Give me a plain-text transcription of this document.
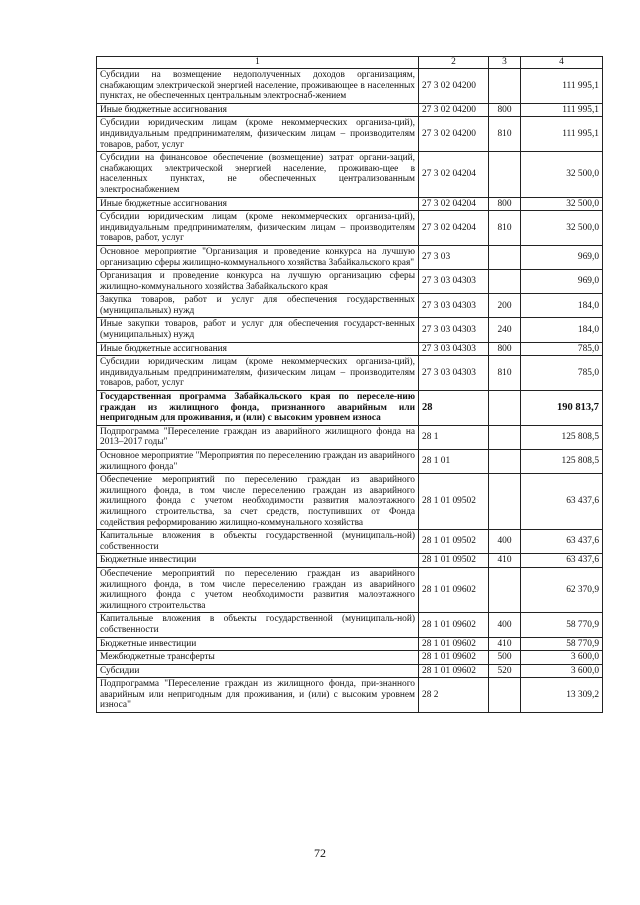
1	2	3	4
Субсидии на возмещение недополученных доходов организациям, снабжающим электрической энергией население, проживающее в населенных пунктах, не обеспеченных центральным электроснаб-жением	27 3 02 04200		111 995,1
Иные бюджетные ассигнования	27 3 02 04200	800	111 995,1
Субсидии юридическим лицам (кроме некоммерческих организа-ций), индивидуальным предпринимателям, физическим лицам – производителям товаров, работ, услуг	27 3 02 04200	810	111 995,1
Субсидии на финансовое обеспечение (возмещение) затрат органи-заций, снабжающих электрической энергией население, проживаю-щее в населенных пунктах, не обеспеченных централизованным электроснабжением	27 3 02 04204		32 500,0
Иные бюджетные ассигнования	27 3 02 04204	800	32 500,0
Субсидии юридическим лицам (кроме некоммерческих организа-ций), индивидуальным предпринимателям, физическим лицам – производителям товаров, работ, услуг	27 3 02 04204	810	32 500,0
Основное мероприятие "Организация и проведение конкурса на лучшую организацию сферы жилищно-коммунального хозяйства Забайкальского края"	27 3 03		969,0
Организация и проведение конкурса на лучшую организацию сферы жилищно-коммунального хозяйства Забайкальского края	27 3 03 04303		969,0
Закупка товаров, работ и услуг для обеспечения государственных (муниципальных) нужд	27 3 03 04303	200	184,0
Иные закупки товаров, работ и услуг для обеспечения государст-венных (муниципальных) нужд	27 3 03 04303	240	184,0
Иные бюджетные ассигнования	27 3 03 04303	800	785,0
Субсидии юридическим лицам (кроме некоммерческих организа-ций), индивидуальным предпринимателям, физическим лицам – производителям товаров, работ, услуг	27 3 03 04303	810	785,0
Государственная программа Забайкальского края по переселе-нию граждан из жилищного фонда, признанного аварийным или непригодным для проживания, и (или) с высоким уровнем износа	28		190 813,7
Подпрограмма "Переселение граждан из аварийного жилищного фонда на 2013–2017 годы"	28 1		125 808,5
Основное мероприятие "Мероприятия по переселению граждан из аварийного жилищного фонда"	28 1 01		125 808,5
Обеспечение мероприятий по переселению граждан из аварийного жилищного фонда, в том числе переселению граждан из аварийного жилищного фонда с учетом необходимости развития малоэтажного жилищного строительства, за счет средств, поступивших от Фонда содействия реформированию жилищно-коммунального хозяйства	28 1 01 09502		63 437,6
Капитальные вложения в объекты государственной (муниципаль-ной) собственности	28 1 01 09502	400	63 437,6
Бюджетные инвестиции	28 1 01 09502	410	63 437,6
Обеспечение мероприятий по переселению граждан из аварийного жилищного фонда, в том числе переселению граждан из аварийного жилищного фонда с учетом необходимости развития малоэтажного жилищного строительства	28 1 01 09602		62 370,9
Капитальные вложения в объекты государственной (муниципаль-ной) собственности	28 1 01 09602	400	58 770,9
Бюджетные инвестиции	28 1 01 09602	410	58 770,9
Межбюджетные трансферты	28 1 01 09602	500	3 600,0
Субсидии	28 1 01 09602	520	3 600,0
Подпрограмма "Переселение граждан из жилищного фонда, при-знанного аварийным или непригодным для проживания, и (или) с высоким уровнем износа"	28 2		13 309,2
72
